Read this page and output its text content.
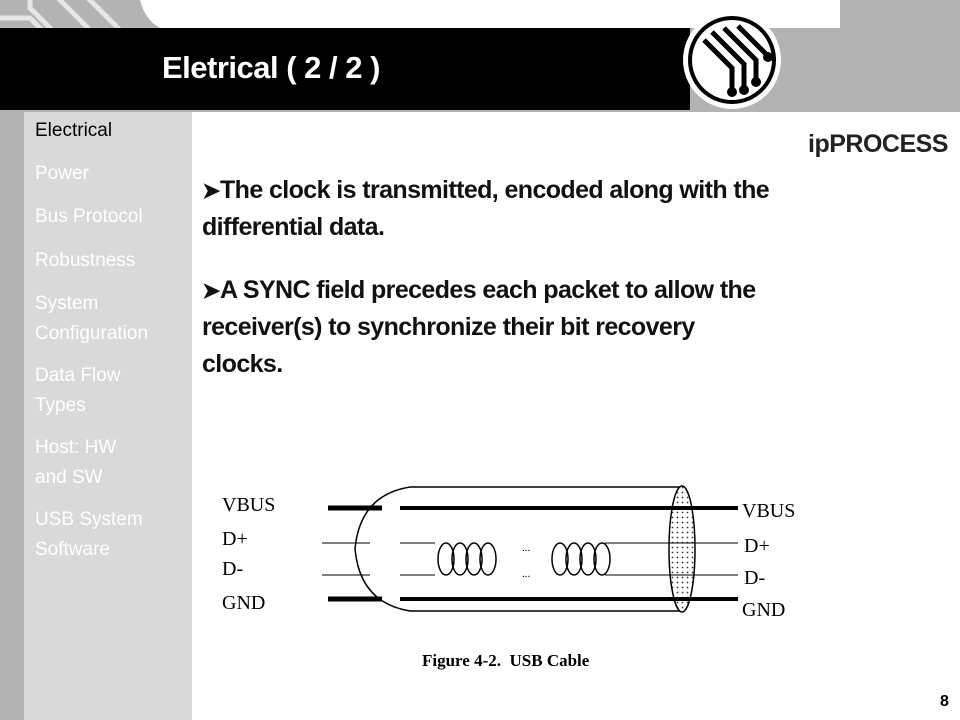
Eletrical ( 2 / 2 )
Electrical
Power
Bus Protocol
Robustness
System
Configuration
Data Flow
Types
Host: HW
and SW
USB System
Software
ipPROCESS
➤The clock is transmitted, encoded along with the differential data.
➤A SYNC field precedes each packet to allow the receiver(s) to synchronize their bit recovery clocks.
...
...
VBUS
D+
D-
GND
VBUS
D+
D-
GND
Figure 4-2.  USB Cable
8
